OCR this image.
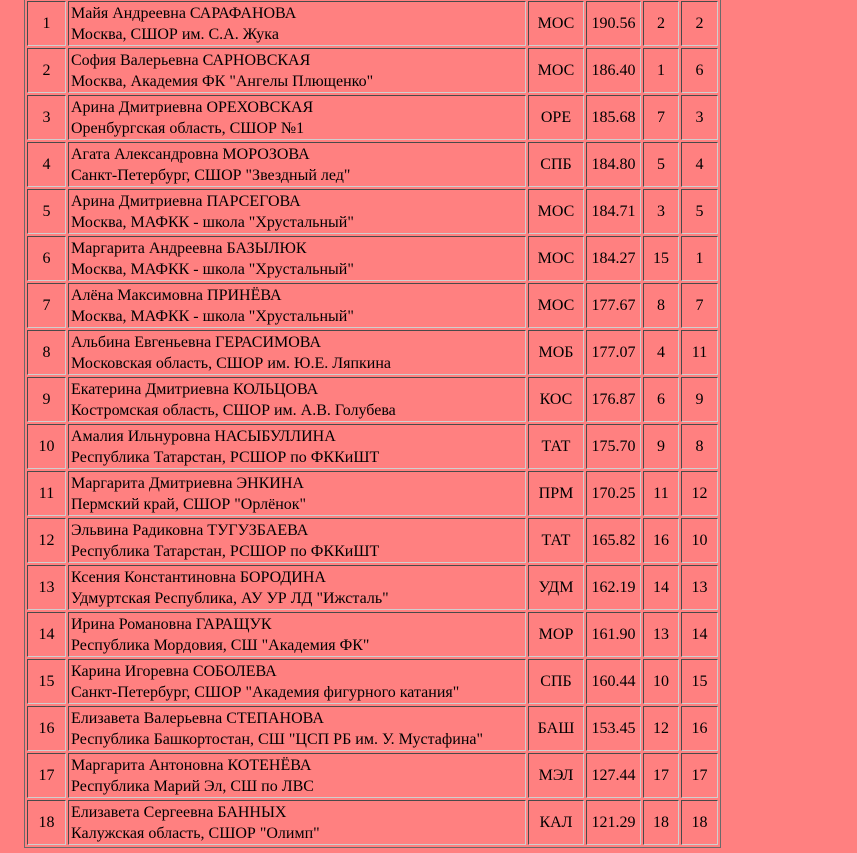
1	Майя Андреевна САРАФАНОВА
Москва, СШОР им. С.А. Жука	МОС	190.56	2	2
2	София Валерьевна САРНОВСКАЯ
Москва, Академия ФК "Ангелы Плющенко"	МОС	186.40	1	6
3	Арина Дмитриевна ОРЕХОВСКАЯ
Оренбургская область, СШОР №1	ОРЕ	185.68	7	3
4	Агата Александровна МОРОЗОВА
Санкт-Петербург, СШОР "Звездный лед"	СПБ	184.80	5	4
5	Арина Дмитриевна ПАРСЕГОВА
Москва, МАФКК - школа "Хрустальный"	МОС	184.71	3	5
6	Маргарита Андреевна БАЗЫЛЮК
Москва, МАФКК - школа "Хрустальный"	МОС	184.27	15	1
7	Алёна Максимовна ПРИНЁВА
Москва, МАФКК - школа "Хрустальный"	МОС	177.67	8	7
8	Альбина Евгеньевна ГЕРАСИМОВА
Московская область, СШОР им. Ю.Е. Ляпкина	МОБ	177.07	4	11
9	Екатерина Дмитриевна КОЛЬЦОВА
Костромская область, СШОР им. А.В. Голубева	КОС	176.87	6	9
10	Амалия Ильнуровна НАСЫБУЛЛИНА
Республика Татарстан, РСШОР по ФККиШТ	ТАТ	175.70	9	8
11	Маргарита Дмитриевна ЭНКИНА
Пермский край, СШОР "Орлёнок"	ПРМ	170.25	11	12
12	Эльвина Радиковна ТУГУЗБАЕВА
Республика Татарстан, РСШОР по ФККиШТ	ТАТ	165.82	16	10
13	Ксения Константиновна БОРОДИНА
Удмуртская Республика, АУ УР ЛД "Ижсталь"	УДМ	162.19	14	13
14	Ирина Романовна ГАРАЩУК
Республика Мордовия, СШ "Академия ФК"	МОР	161.90	13	14
15	Карина Игоревна СОБОЛЕВА
Санкт-Петербург, СШОР "Академия фигурного катания"	СПБ	160.44	10	15
16	Елизавета Валерьевна СТЕПАНОВА
Республика Башкортостан, СШ "ЦСП РБ им. У. Мустафина"	БАШ	153.45	12	16
17	Маргарита Антоновна КОТЕНЁВА
Республика Марий Эл, СШ по ЛВС	МЭЛ	127.44	17	17
18	Елизавета Сергеевна БАННЫХ
Калужская область, СШОР "Олимп"	КАЛ	121.29	18	18
